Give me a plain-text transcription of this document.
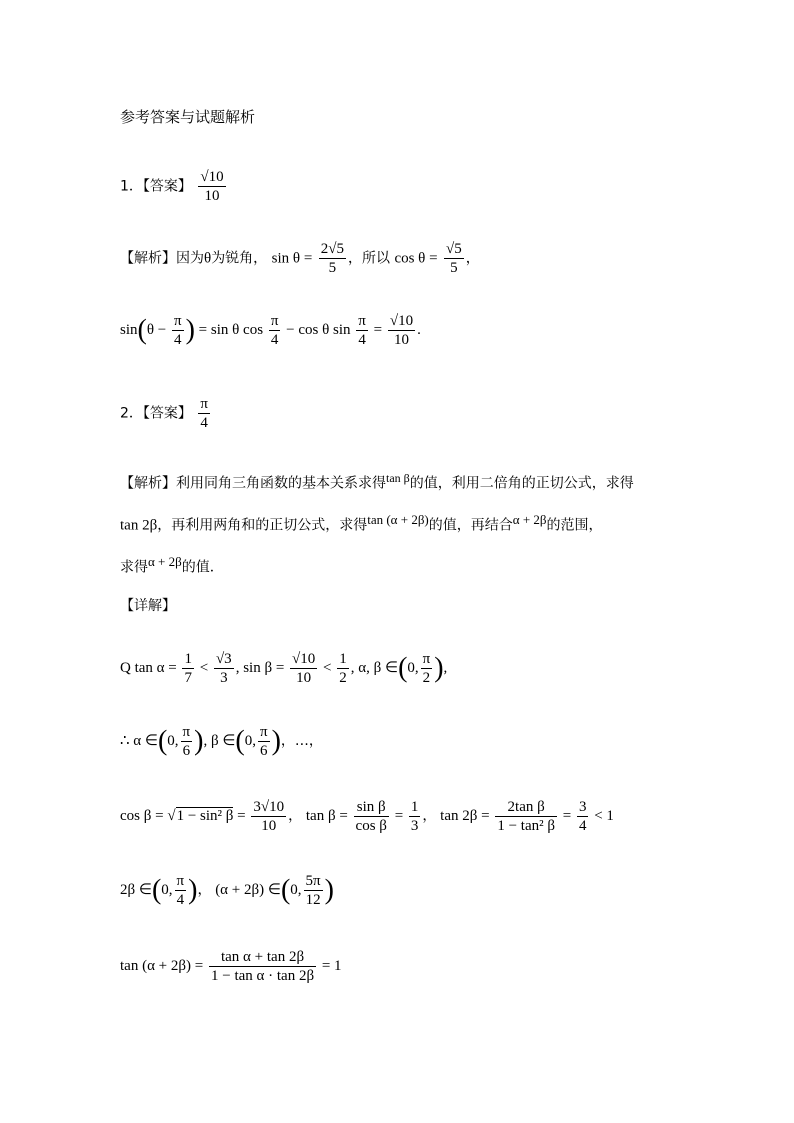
参考答案与试题解析
1．【答案】 $\frac{√10}{10}$
【解析】因为θ为锐角， $\sin \theta = \frac{2√5}{5}$ ，所以 $\cos \theta = \frac{√5}{5}$ ，
$\sin(\theta - \frac{\pi}{4}$ ) = sin θ $\cos \frac{\pi}{4} - \cos \theta$ $\sin \frac{\pi}{4} = \frac{√10}{10}$ .
2．【答案】 $\frac{\pi}{4}$
【解析】利用同角三角函数的基本关系求得$^{tan \beta}$的值，利用二倍角的正切公式，求得
tan 2β，再利用两角和的正切公式，求得$^{tan (\alpha + 2\beta)}$的值，再结合$^{\alpha + 2\beta}$的范围，
求得$^{\alpha + 2\beta}$的值．
【详解】
Q $\tan \alpha = \frac{1}{7} < \frac{√3}{3}$ , $\sin \beta = \frac{√10}{10} < \frac{1}{2}$ , α, β ∈(0, $\frac{\pi}{2}$ ),
∴ α ∈(0, $\frac{\pi}{6}$ ), β ∈(0, $\frac{\pi}{6}$ )，…，
cos β = √1 − sin² $\beta = \frac{3√10}{10}$ ， $\tan \beta = \frac{\text{sin β}}{\text{cos β}} = \frac{1}{3}$ ， $\tan 2\beta = \frac{\text{2tan β}}{\text{1 − tan² β}} = \frac{3}{4} < 1$
2β ∈(0, $\frac{\pi}{4}$ )， (α + 2β) ∈(0, $\frac{5\pi}{12}$ )
$\tan (\alpha + 2\beta) = \frac{\text{tan α + tan 2β}}{\text{1 − tan α · tan 2β}} = 1$
